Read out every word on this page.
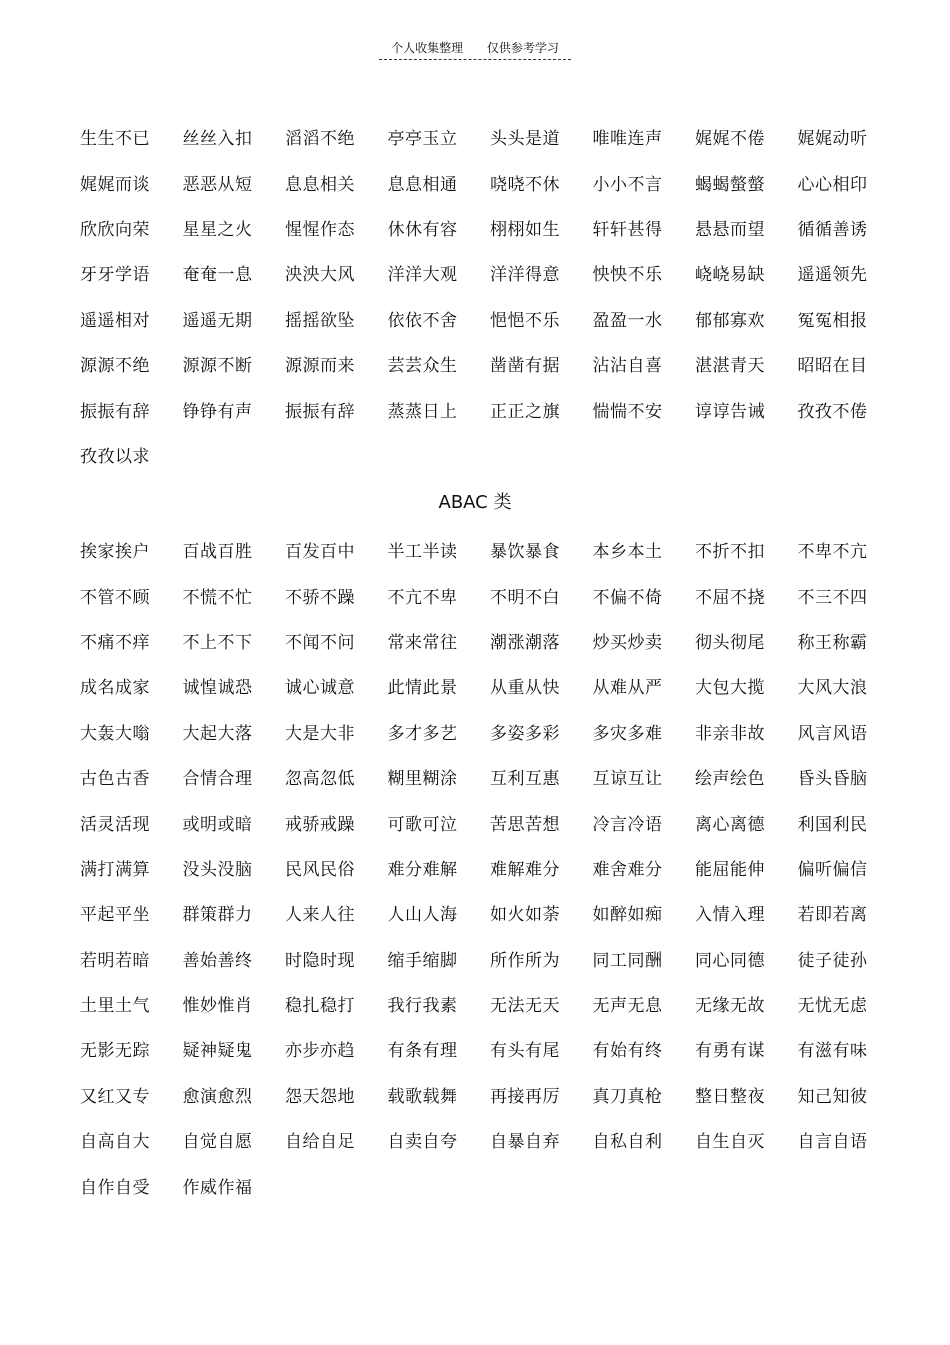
个人收集整理 仅供参考学习
生生不已	丝丝入扣	滔滔不绝	亭亭玉立	头头是道	唯唯连声	娓娓不倦	娓娓动听
娓娓而谈	恶恶从短	息息相关	息息相通	哓哓不休	小小不言	蝎蝎螫螫	心心相印
欣欣向荣	星星之火	惺惺作态	休休有容	栩栩如生	轩轩甚得	悬悬而望	循循善诱
牙牙学语	奄奄一息	泱泱大风	洋洋大观	洋洋得意	怏怏不乐	峣峣易缺	遥遥领先
遥遥相对	遥遥无期	摇摇欲坠	依依不舍	悒悒不乐	盈盈一水	郁郁寡欢	冤冤相报
源源不绝	源源不断	源源而来	芸芸众生	凿凿有据	沾沾自喜	湛湛青天	昭昭在目
振振有辞	铮铮有声	振振有辞	蒸蒸日上	正正之旗	惴惴不安	谆谆告诫	孜孜不倦
孜孜以求
ABAC 类
挨家挨户	百战百胜	百发百中	半工半读	暴饮暴食	本乡本土	不折不扣	不卑不亢
不管不顾	不慌不忙	不骄不躁	不亢不卑	不明不白	不偏不倚	不屈不挠	不三不四
不痛不痒	不上不下	不闻不问	常来常往	潮涨潮落	炒买炒卖	彻头彻尾	称王称霸
成名成家	诚惶诚恐	诚心诚意	此情此景	从重从快	从难从严	大包大揽	大风大浪
大轰大嗡	大起大落	大是大非	多才多艺	多姿多彩	多灾多难	非亲非故	风言风语
古色古香	合情合理	忽高忽低	糊里糊涂	互利互惠	互谅互让	绘声绘色	昏头昏脑
活灵活现	或明或暗	戒骄戒躁	可歌可泣	苦思苦想	冷言冷语	离心离德	利国利民
满打满算	没头没脑	民风民俗	难分难解	难解难分	难舍难分	能屈能伸	偏听偏信
平起平坐	群策群力	人来人往	人山人海	如火如荼	如醉如痴	入情入理	若即若离
若明若暗	善始善终	时隐时现	缩手缩脚	所作所为	同工同酬	同心同德	徒子徒孙
土里土气	惟妙惟肖	稳扎稳打	我行我素	无法无天	无声无息	无缘无故	无忧无虑
无影无踪	疑神疑鬼	亦步亦趋	有条有理	有头有尾	有始有终	有勇有谋	有滋有味
又红又专	愈演愈烈	怨天怨地	载歌载舞	再接再厉	真刀真枪	整日整夜	知己知彼
自高自大	自觉自愿	自给自足	自卖自夸	自暴自弃	自私自利	自生自灭	自言自语
自作自受	作威作福
